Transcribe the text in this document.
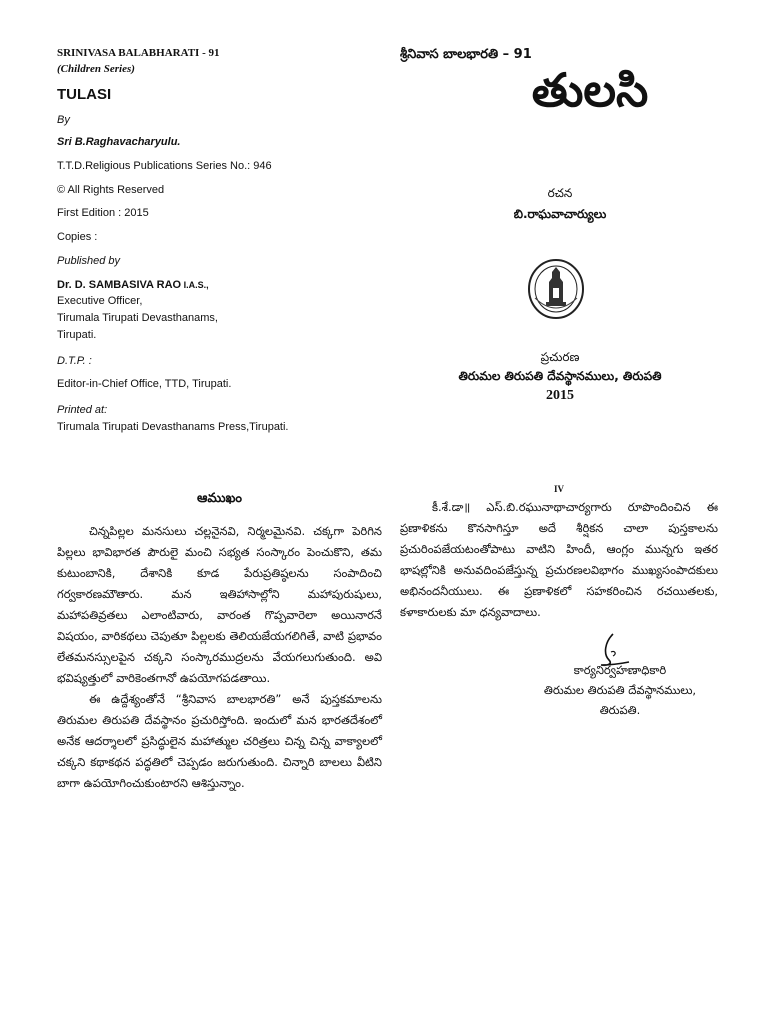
SRINIVASA BALABHARATI - 91
(Children Series)
TULASI
By
Sri B.Raghavacharyulu.
T.T.D.Religious Publications Series No.: 946
© All Rights Reserved
First Edition : 2015
Copies :
Published by
Dr. D. SAMBASIVA RAO I.A.S.,
Executive Officer,
Tirumala Tirupati Devasthanams,
Tirupati.
D.T.P. :
Editor-in-Chief Office, TTD, Tirupati.
Printed at:
Tirumala Tirupati Devasthanams Press,Tirupati.
శ్రీనివాస బాలభారతి – 91
తులసి
రచన
బి.రాఘవాచార్యులు
ప్రచురణ
తిరుమల తిరుపతి దేవస్థానములు, తిరుపతి
2015
ఆముఖం

చిన్నపిల్లల మనసులు చల్లనైనవి, నిర్మలమైనవి. చక్కగా పెరిగిన పిల్లలు భావిభారత పౌరులై మంచి సభ్యత సంస్కారం పెంచుకొని, తమ కుటుంబానికి, దేశానికి కూడ పేరుప్రతిష్ఠలను సంపాదించి గర్వకారణమౌతారు. మన ఇతిహాసాల్లోని మహాపురుషులు, మహాపతివ్రతలు ఎలాంటివారు, వారంత గొప్పవారెలా అయినారనే విషయం, వారికథలు చెపుతూ పిల్లలకు తెలియజేయగలిగితే, వాటి ప్రభావం లేతమనస్సులపైన చక్కని సంస్కారముద్రలను వేయగలుగుతుంది. అవి భవిష్యత్తులో వారికెంతగానో ఉపయోగపడతాయి.

ఈ ఉద్దేశ్యంతోనే “శ్రీనివాస బాలభారతి” అనే పుస్తకమాలను తిరుమల తిరుపతి దేవస్థానం ప్రచురిస్తోంది. ఇందులో మన భారతదేశంలో అనేక ఆదర్శాలలో ప్రసిద్ధులైన మహాత్ముల చరిత్రలు చిన్న చిన్న వాక్యాలలో చక్కని కథాకథన పద్ధతిలో చెప్పడం జరుగుతుంది. చిన్నారి బాలలు వీటిని బాగా ఉపయోగించుకుంటారని ఆశిస్తున్నాం.

IV

కీ.శే.డా॥ ఎస్.బి.రఘునాథాచార్యగారు రూపొందించిన ఈ ప్రణాళికను కొనసాగిస్తూ అదే శీర్షికన చాలా పుస్తకాలను ప్రచురింపజేయటంతోపాటు వాటిని హిందీ, ఆంగ్లం మున్నగు ఇతర భాషల్లోనికి అనువదింపజేస్తున్న ప్రచురణలవిభాగం ముఖ్యసంపాదకులు అభినందనీయులు. ఈ ప్రణాళికలో సహకరించిన రచయితలకు, కళాకారులకు మా ధన్యవాదాలు.

కార్యనిర్వహణాధికారి
తిరుమల తిరుపతి దేవస్థానములు,
తిరుపతి.
